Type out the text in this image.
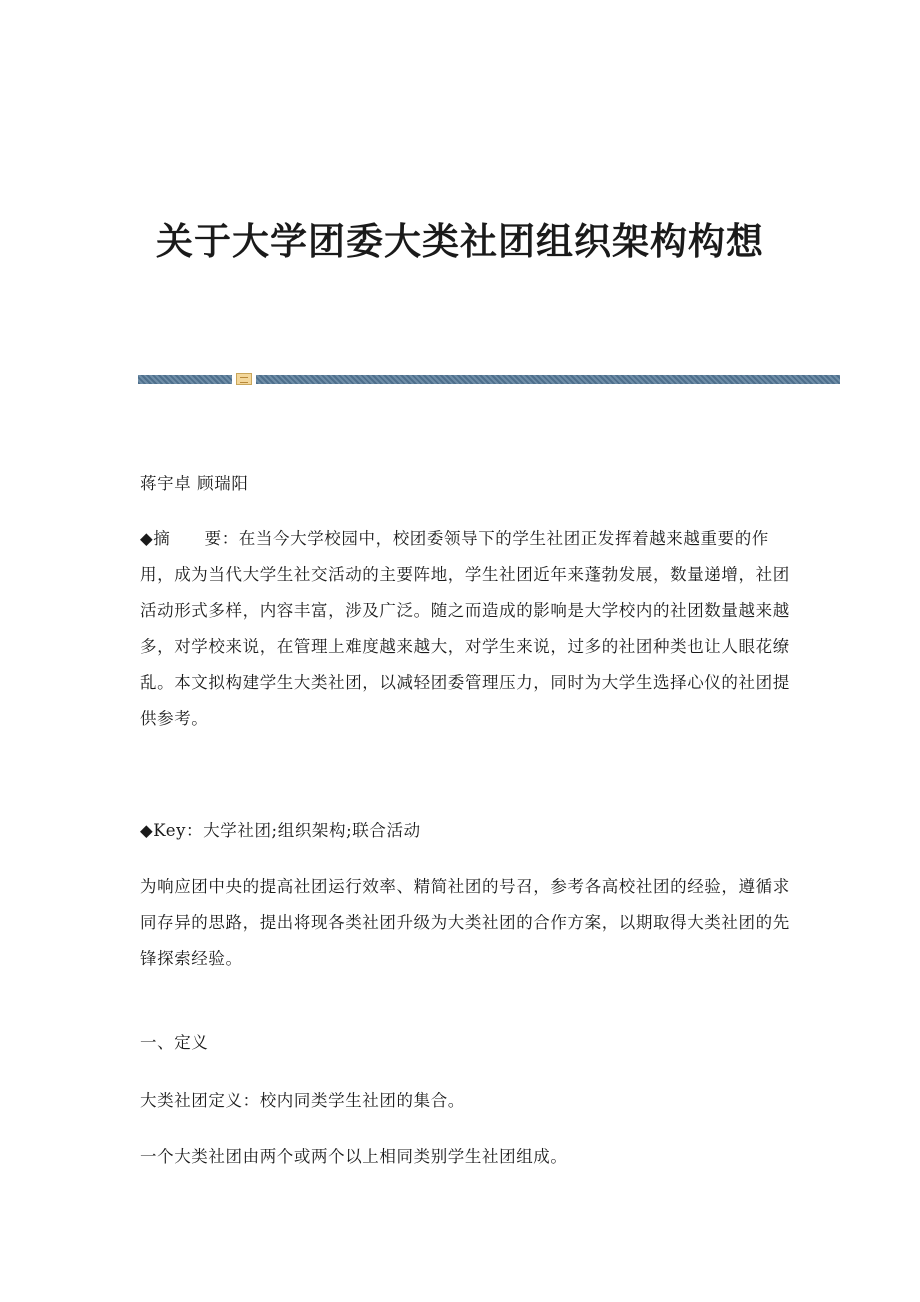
关于大学团委大类社团组织架构构想

蒋宇卓 顾瑞阳

◆摘　　要：在当今大学校园中，校团委领导下的学生社团正发挥着越来越重要的作用，成为当代大学生社交活动的主要阵地，学生社团近年来蓬勃发展，数量递增，社团活动形式多样，内容丰富，涉及广泛。随之而造成的影响是大学校内的社团数量越来越多，对学校来说，在管理上难度越来越大，对学生来说，过多的社团种类也让人眼花缭乱。本文拟构建学生大类社团，以减轻团委管理压力，同时为大学生选择心仪的社团提供参考。

◆Key：大学社团;组织架构;联合活动

为响应团中央的提高社团运行效率、精简社团的号召，参考各高校社团的经验，遵循求同存异的思路，提出将现各类社团升级为大类社团的合作方案，以期取得大类社团的先锋探索经验。

一、定义

大类社团定义：校内同类学生社团的集合。

一个大类社团由两个或两个以上相同类别学生社团组成。
